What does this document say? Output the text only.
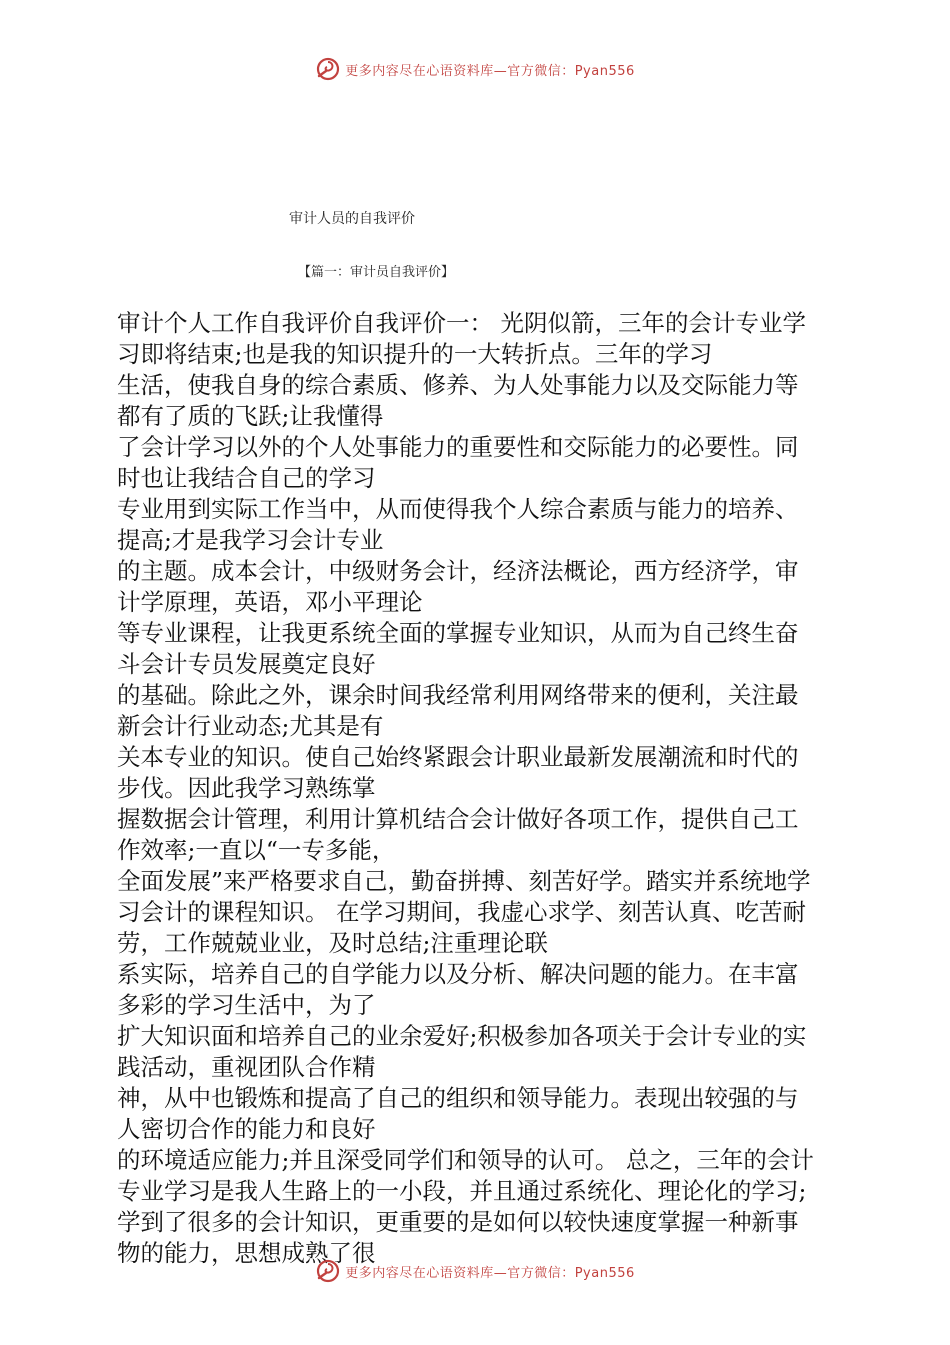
更多内容尽在心语资料库—官方微信：Pyan556
审计人员的自我评价
【篇一：审计员自我评价】
审计个人工作自我评价自我评价一： 光阴似箭，三年的会计专业学
习即将结束;也是我的知识提升的一大转折点。三年的学习
生活，使我自身的综合素质、修养、为人处事能力以及交际能力等
都有了质的飞跃;让我懂得
了会计学习以外的个人处事能力的重要性和交际能力的必要性。同
时也让我结合自己的学习
专业用到实际工作当中，从而使得我个人综合素质与能力的培养、
提高;才是我学习会计专业
的主题。成本会计，中级财务会计，经济法概论，西方经济学，审
计学原理，英语，邓小平理论
等专业课程，让我更系统全面的掌握专业知识，从而为自己终生奋
斗会计专员发展奠定良好
的基础。除此之外，课余时间我经常利用网络带来的便利，关注最
新会计行业动态;尤其是有
关本专业的知识。使自己始终紧跟会计职业最新发展潮流和时代的
步伐。因此我学习熟练掌
握数据会计管理，利用计算机结合会计做好各项工作，提供自己工
作效率;一直以“一专多能，
全面发展”来严格要求自己，勤奋拼搏、刻苦好学。踏实并系统地学
习会计的课程知识。 在学习期间，我虚心求学、刻苦认真、吃苦耐
劳，工作兢兢业业，及时总结;注重理论联
系实际，培养自己的自学能力以及分析、解决问题的能力。在丰富
多彩的学习生活中，为了
扩大知识面和培养自己的业余爱好;积极参加各项关于会计专业的实
践活动，重视团队合作精
神，从中也锻炼和提高了自己的组织和领导能力。表现出较强的与
人密切合作的能力和良好
的环境适应能力;并且深受同学们和领导的认可。 总之，三年的会计
专业学习是我人生路上的一小段，并且通过系统化、理论化的学习;
学到了很多的会计知识，更重要的是如何以较快速度掌握一种新事
物的能力，思想成熟了很
更多内容尽在心语资料库—官方微信：Pyan556
